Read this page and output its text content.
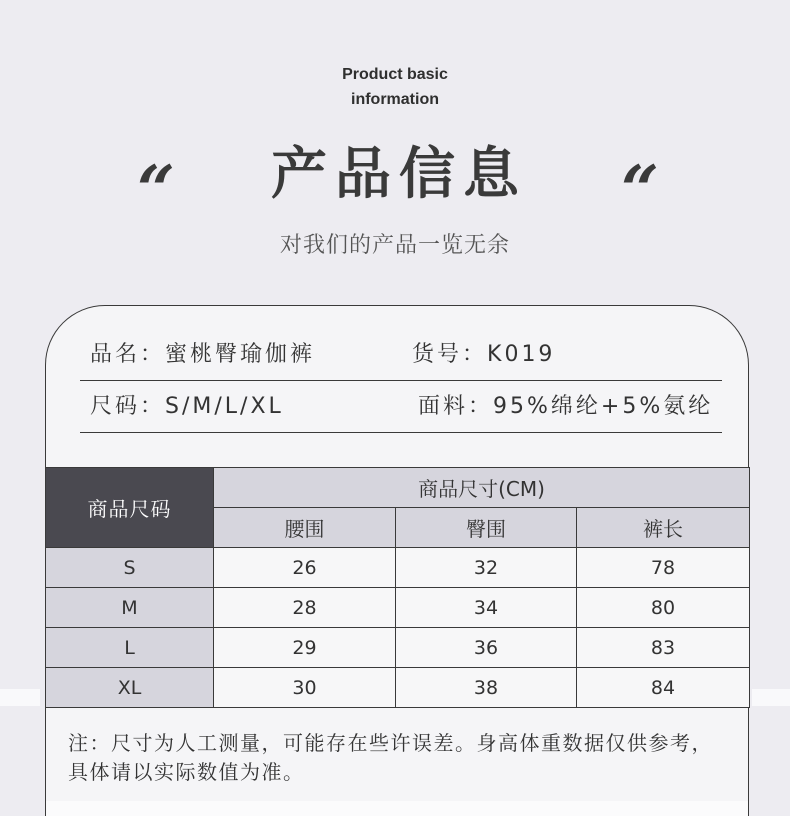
Product basic
information
“	产品信息	“
对我们的产品一览无余
品名：蜜桃臀瑜伽裤	货号：K019
尺码：S/M/L/XL	面料：95%绵纶+5%氨纶
商品尺码	商品尺寸(CM)		
	腰围	臀围	裤长
S	26	32	78
M	28	34	80
L	29	36	83
XL	30	38	84

注：尺寸为人工测量，可能存在些许误差。身高体重数据仅供参考，
具体请以实际数值为准。
